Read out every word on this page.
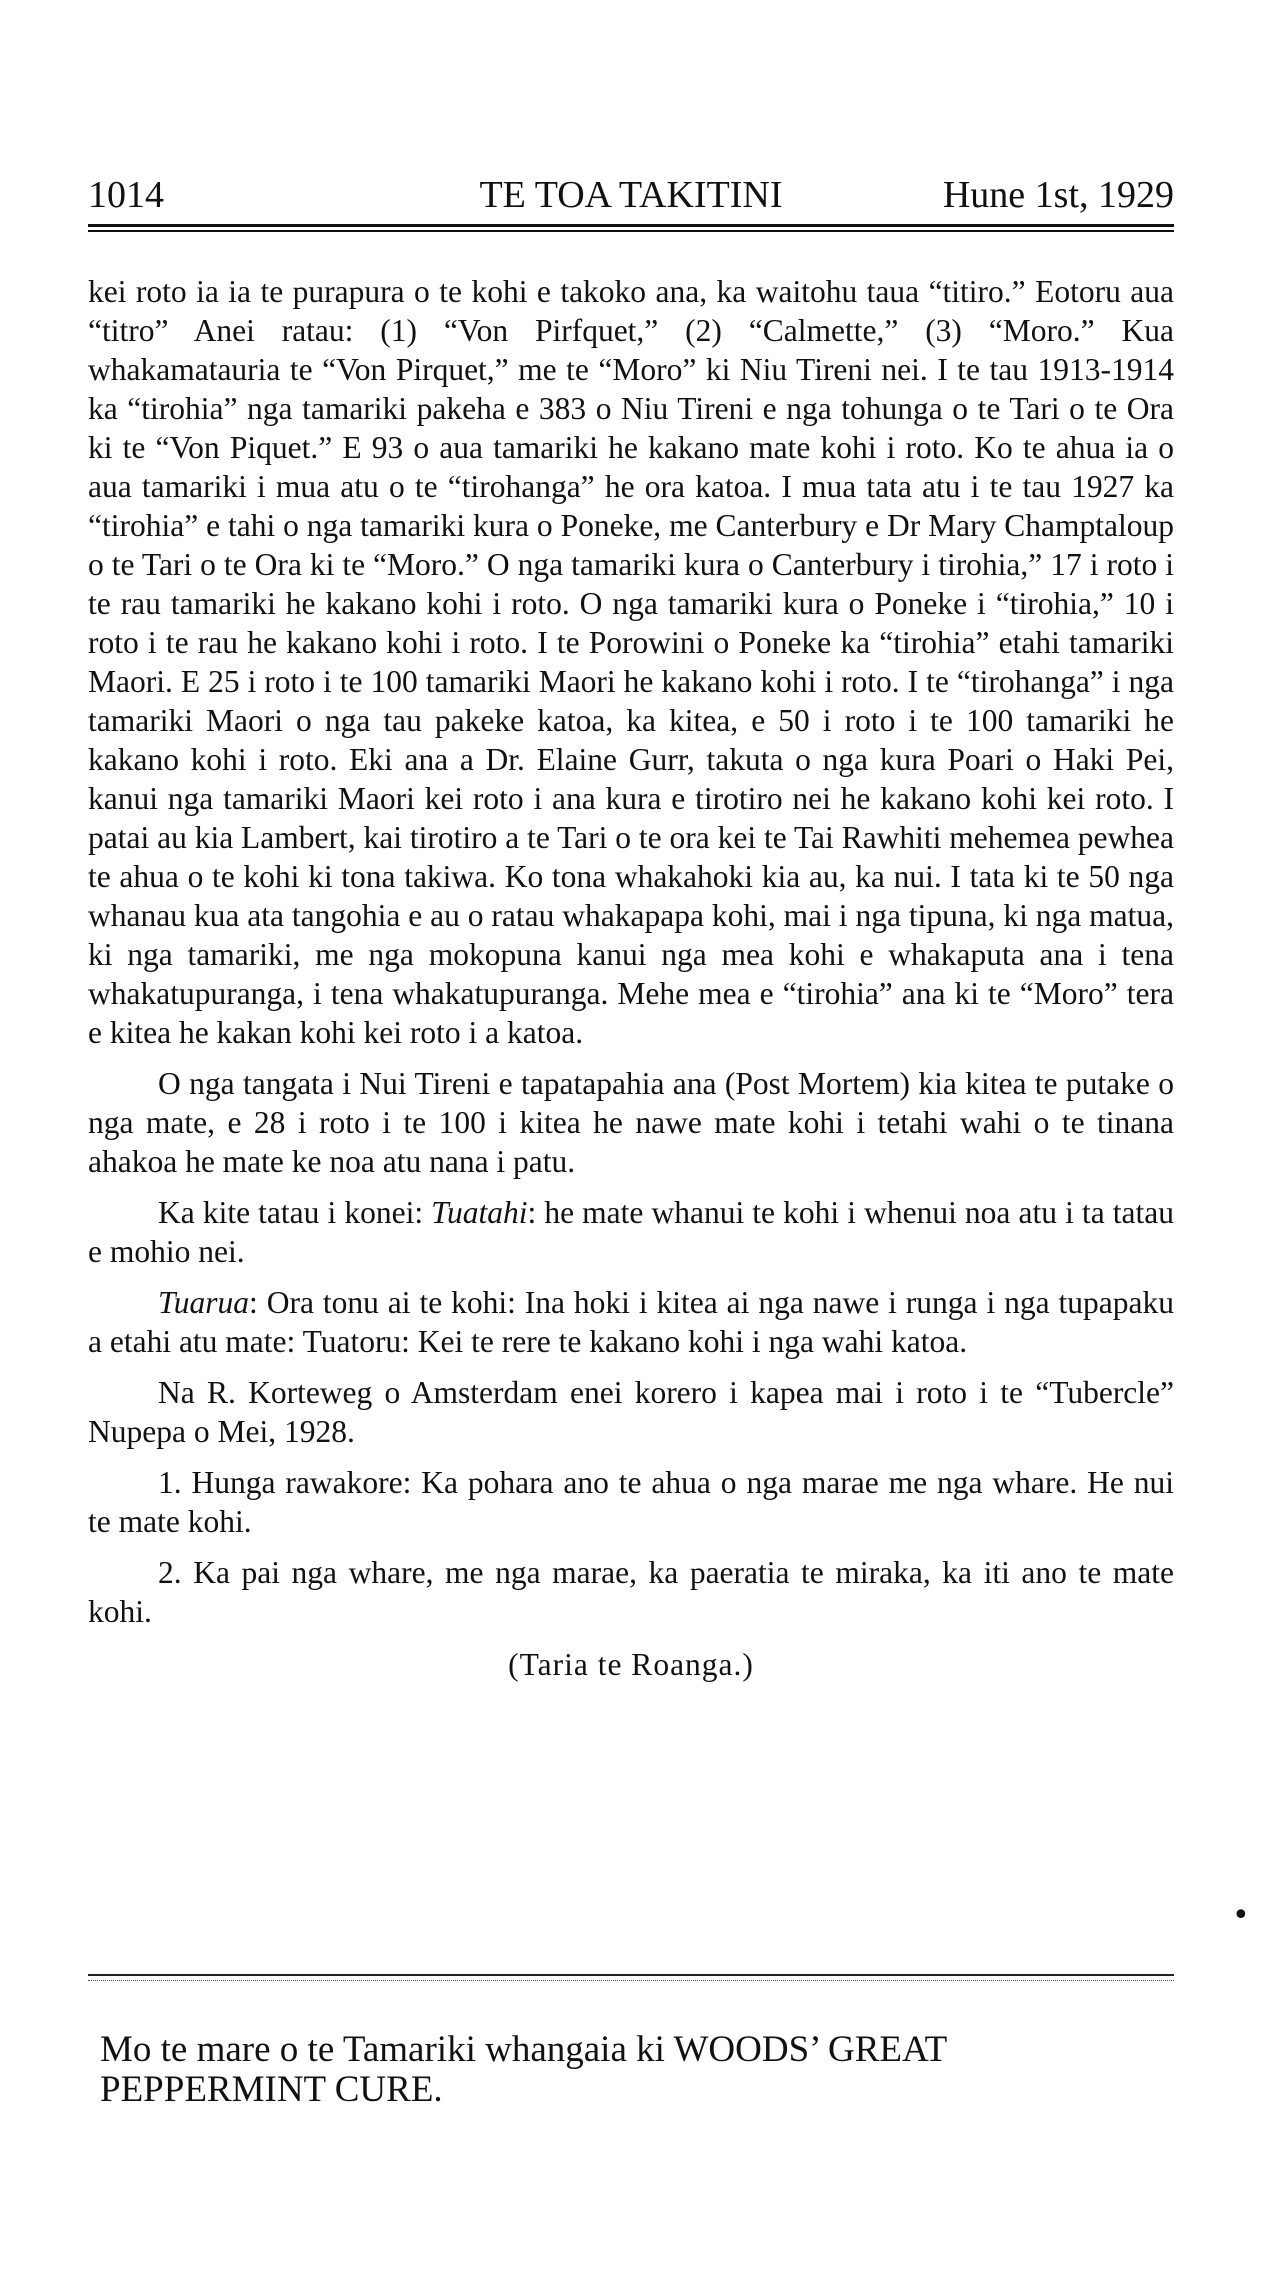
1014	TE TOA TAKITINI	Hune 1st, 1929

kei roto ia ia te purapura o te kohi e takoko ana, ka waitohu taua “titiro.” Eotoru aua “titro” Anei ratau: (1) “Von Pirfquet,” (2) “Calmette,” (3) “Moro.” Kua whakamatauria te “Von Pirquet,” me te “Moro” ki Niu Tireni nei. I te tau 1913-1914 ka “tirohia” nga tamariki pakeha e 383 o Niu Tireni e nga tohunga o te Tari o te Ora ki te “Von Piquet.” E 93 o aua tamariki he kakano mate kohi i roto. Ko te ahua ia o aua tamariki i mua atu o te “tirohanga” he ora katoa. I mua tata atu i te tau 1927 ka “tirohia” e tahi o nga tamariki kura o Poneke, me Canterbury e Dr Mary Champtaloup o te Tari o te Ora ki te “Moro.” O nga tamariki kura o Canterbury i tirohia,” 17 i roto i te rau tamariki he kakano kohi i roto. O nga tamariki kura o Poneke i “tirohia,” 10 i roto i te rau he kakano kohi i roto. I te Porowini o Poneke ka “tirohia” etahi tamariki Maori. E 25 i roto i te 100 tamariki Maori he kakano kohi i roto. I te “tirohanga” i nga tamariki Maori o nga tau pakeke katoa, ka kitea, e 50 i roto i te 100 tamariki he kakano kohi i roto. Eki ana a Dr. Elaine Gurr, takuta o nga kura Poari o Haki Pei, kanui nga tamariki Maori kei roto i ana kura e tirotiro nei he kakano kohi kei roto. I patai au kia Lambert, kai tirotiro a te Tari o te ora kei te Tai Rawhiti mehemea pewhea te ahua o te kohi ki tona takiwa. Ko tona whakahoki kia au, ka nui. I tata ki te 50 nga whanau kua ata tangohia e au o ratau whakapapa kohi, mai i nga tipuna, ki nga matua, ki nga tamariki, me nga mokopuna kanui nga mea kohi e whakaputa ana i tena whakatupuranga, i tena whakatupuranga. Mehe mea e “tirohia” ana ki te “Moro” tera e kitea he kakan kohi kei roto i a katoa.

O nga tangata i Nui Tireni e tapatapahia ana (Post Mortem) kia kitea te putake o nga mate, e 28 i roto i te 100 i kitea he nawe mate kohi i tetahi wahi o te tinana ahakoa he mate ke noa atu nana i patu.

Ka kite tatau i konei: Tuatahi: he mate whanui te kohi i whenui noa atu i ta tatau e mohio nei.

Tuarua: Ora tonu ai te kohi: Ina hoki i kitea ai nga nawe i runga i nga tupapaku a etahi atu mate: Tuatoru: Kei te rere te kakano kohi i nga wahi katoa.

Na R. Korteweg o Amsterdam enei korero i kapea mai i roto i te “Tubercle” Nupepa o Mei, 1928.

1. Hunga rawakore: Ka pohara ano te ahua o nga marae me nga whare. He nui te mate kohi.

2. Ka pai nga whare, me nga marae, ka paeratia te miraka, ka iti ano te mate kohi.

(Taria te Roanga.)

Mo te mare o te Tamariki whangaia ki WOODS’ GREAT
PEPPERMINT CURE.
•
